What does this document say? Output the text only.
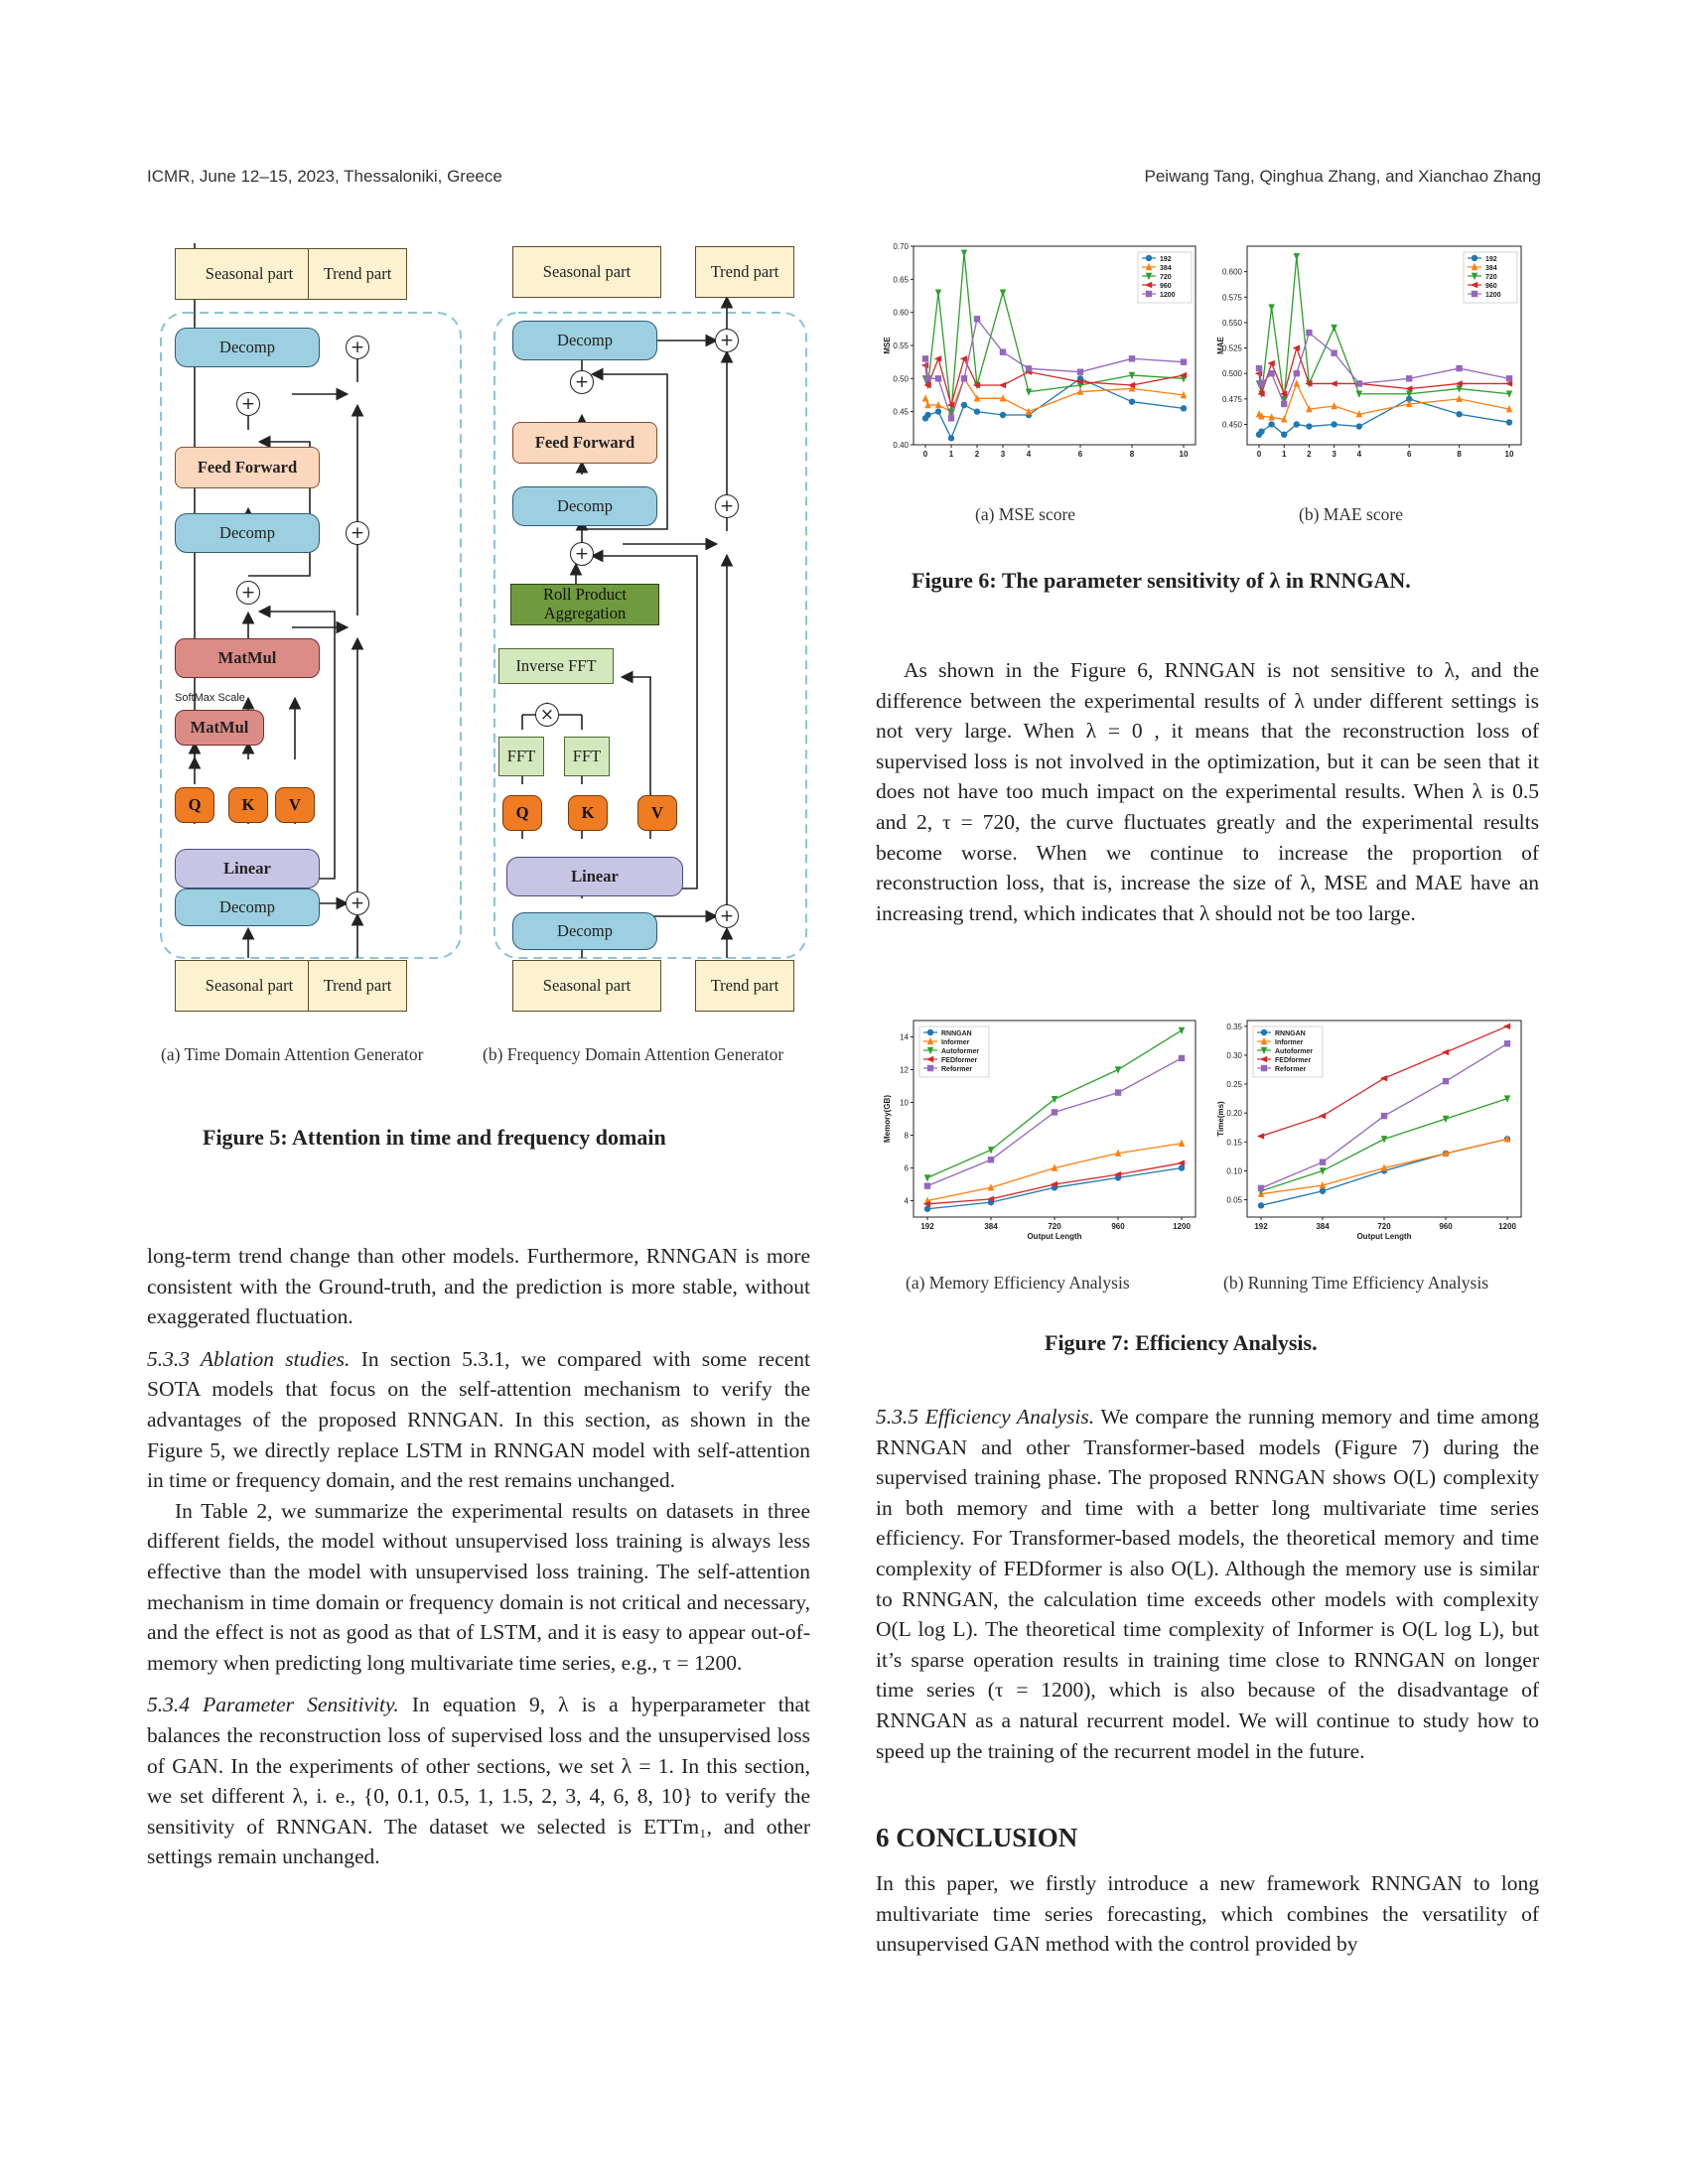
ICMR, June 12–15, 2023, Thessaloniki, Greece	Peiwang Tang, Qinghua Zhang, and Xianchao Zhang
Seasonal part	Trend part
Decomp	+
+
Feed Forward
Decomp	+
+
MatMul
SoftMax Scale
MatMul
Q	K	V
Linear
Decomp	+
Seasonal part	Trend part
Seasonal part	Trend part
Decomp	+
+
Feed Forward
Decomp	+
+
Roll Product Aggregation
Inverse FFT
×
FFT	FFT
Q	K	V
Linear
Decomp
+
Seasonal part	Trend part
(a) Time Domain Attention Generator	(b) Frequency Domain Attention Generator
Figure 5: Attention in time and frequency domain
0.40
0.45
0.50
0.55
0.60
0.65
0.70
0	1	2	3	4	6	8	10
MSE
192
384
720
960
1200
0.450
0.475
0.500
0.525
0.550
0.575
0.600
0	1	2	3	4	6	8	10
MAE
192
384
720
960
1200
(a) MSE score	(b) MAE score
Figure 6: The parameter sensitivity of λ in RNNGAN.
4
6
8
10
12
14
192	384	720	960	1200
Output Length
Memory(GB)
RNNGAN
Informer
Autoformer
FEDformer
Reformer
0.05
0.10
0.15
0.20
0.25
0.30
0.35
192	384	720	960	1200
Output Length
Time(ms)
RNNGAN
Informer
Autoformer
FEDformer
Reformer
(a) Memory Efficiency Analysis	(b) Running Time Efficiency Analysis
Figure 7: Efficiency Analysis.

long-term trend change than other models. Furthermore, RNNGAN is more consistent with the Ground-truth, and the prediction is more stable, without exaggerated fluctuation.

5.3.3 Ablation studies. In section 5.3.1, we compared with some recent SOTA models that focus on the self-attention mechanism to verify the advantages of the proposed RNNGAN. In this section, as shown in the Figure 5, we directly replace LSTM in RNNGAN model with self-attention in time or frequency domain, and the rest remains unchanged.

In Table 2, we summarize the experimental results on datasets in three different fields, the model without unsupervised loss training is always less effective than the model with unsupervised loss training. The self-attention mechanism in time domain or frequency domain is not critical and necessary, and the effect is not as good as that of LSTM, and it is easy to appear out-of-memory when predicting long multivariate time series, e.g., τ = 1200.

5.3.4 Parameter Sensitivity. In equation 9, λ is a hyperparameter that balances the reconstruction loss of supervised loss and the unsupervised loss of GAN. In the experiments of other sections, we set λ = 1. In this section, we set different λ, i. e., {0, 0.1, 0.5, 1, 1.5, 2, 3, 4, 6, 8, 10} to verify the sensitivity of RNNGAN. The dataset we selected is ETTm₁, and other settings remain unchanged.

As shown in the Figure 6, RNNGAN is not sensitive to λ, and the difference between the experimental results of λ under different settings is not very large. When λ = 0 , it means that the reconstruction loss of supervised loss is not involved in the optimization, but it can be seen that it does not have too much impact on the experimental results. When λ is 0.5 and 2, τ = 720, the curve fluctuates greatly and the experimental results become worse. When we continue to increase the proportion of reconstruction loss, that is, increase the size of λ, MSE and MAE have an increasing trend, which indicates that λ should not be too large.

5.3.5 Efficiency Analysis. We compare the running memory and time among RNNGAN and other Transformer-based models (Figure 7) during the supervised training phase. The proposed RNNGAN shows O(L) complexity in both memory and time with a better long multivariate time series efficiency. For Transformer-based models, the theoretical memory and time complexity of FEDformer is also O(L). Although the memory use is similar to RNNGAN, the calculation time exceeds other models with complexity O(L log L). The theoretical time complexity of Informer is O(L log L), but it’s sparse operation results in training time close to RNNGAN on longer time series (τ = 1200), which is also because of the disadvantage of RNNGAN as a natural recurrent model. We will continue to study how to speed up the training of the recurrent model in the future.

6 CONCLUSION

In this paper, we firstly introduce a new framework RNNGAN to long multivariate time series forecasting, which combines the versatility of unsupervised GAN method with the control provided by
